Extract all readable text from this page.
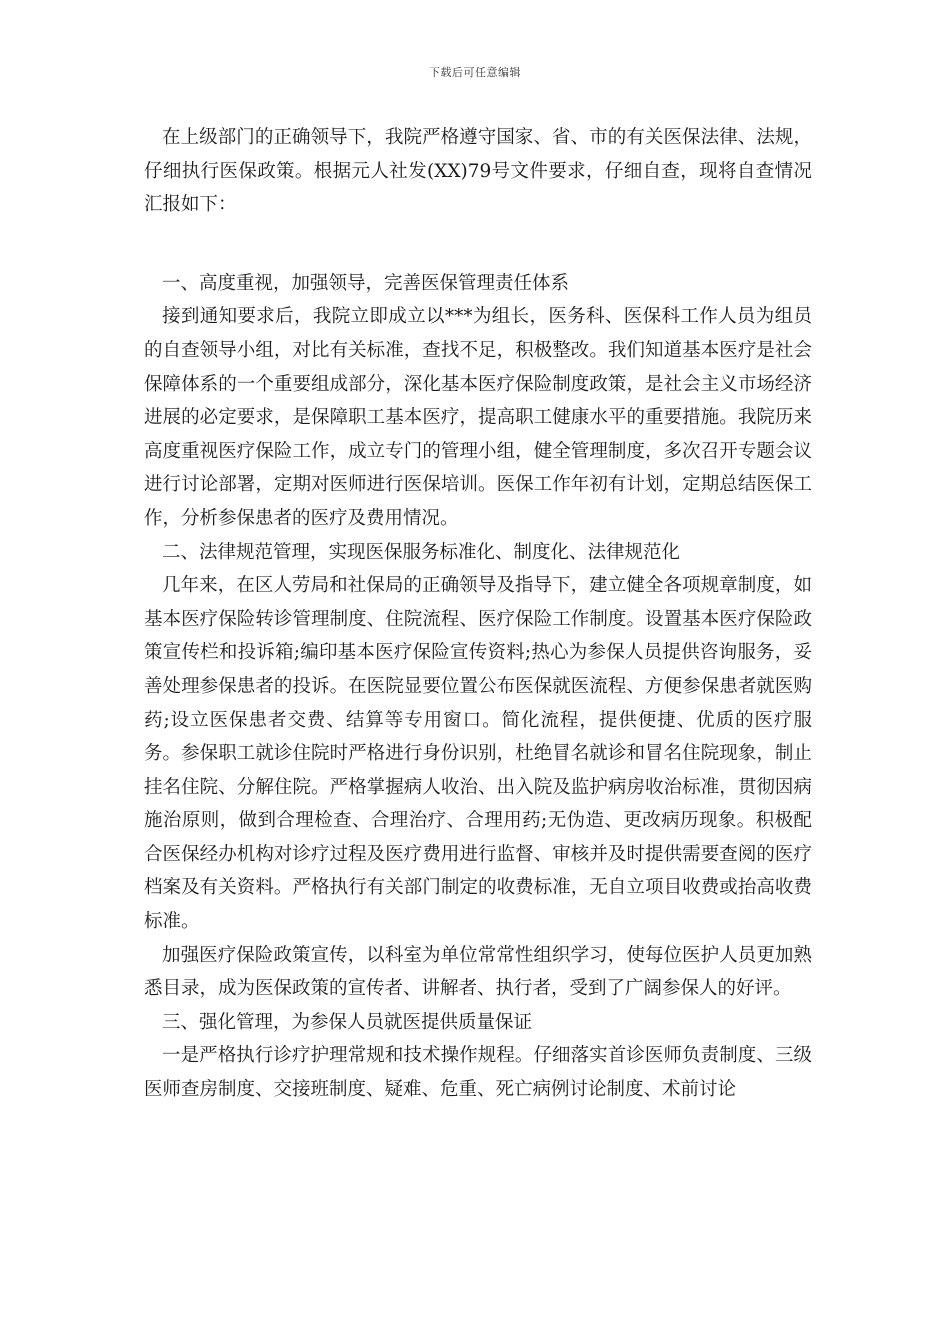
下载后可任意编辑

在上级部门的正确领导下，我院严格遵守国家、省、市的有关医保法律、法规，仔细执行医保政策。根据元人社发(XX)79号文件要求，仔细自查，现将自查情况汇报如下：

一、高度重视，加强领导，完善医保管理责任体系

接到通知要求后，我院立即成立以***为组长，医务科、医保科工作人员为组员的自查领导小组，对比有关标准，查找不足，积极整改。我们知道基本医疗是社会保障体系的一个重要组成部分，深化基本医疗保险制度政策，是社会主义市场经济进展的必定要求，是保障职工基本医疗，提高职工健康水平的重要措施。我院历来高度重视医疗保险工作，成立专门的管理小组，健全管理制度，多次召开专题会议进行讨论部署，定期对医师进行医保培训。医保工作年初有计划，定期总结医保工作，分析参保患者的医疗及费用情况。

二、法律规范管理，实现医保服务标准化、制度化、法律规范化

几年来，在区人劳局和社保局的正确领导及指导下，建立健全各项规章制度，如基本医疗保险转诊管理制度、住院流程、医疗保险工作制度。设置基本医疗保险政策宣传栏和投诉箱;编印基本医疗保险宣传资料;热心为参保人员提供咨询服务，妥善处理参保患者的投诉。在医院显要位置公布医保就医流程、方便参保患者就医购药;设立医保患者交费、结算等专用窗口。简化流程，提供便捷、优质的医疗服务。参保职工就诊住院时严格进行身份识别，杜绝冒名就诊和冒名住院现象，制止挂名住院、分解住院。严格掌握病人收治、出入院及监护病房收治标准，贯彻因病施治原则，做到合理检查、合理治疗、合理用药;无伪造、更改病历现象。积极配合医保经办机构对诊疗过程及医疗费用进行监督、审核并及时提供需要查阅的医疗档案及有关资料。严格执行有关部门制定的收费标准，无自立项目收费或抬高收费标准。

加强医疗保险政策宣传，以科室为单位常常性组织学习，使每位医护人员更加熟悉目录，成为医保政策的宣传者、讲解者、执行者，受到了广阔参保人的好评。

三、强化管理，为参保人员就医提供质量保证

一是严格执行诊疗护理常规和技术操作规程。仔细落实首诊医师负责制度、三级医师查房制度、交接班制度、疑难、危重、死亡病例讨论制度、术前讨论
